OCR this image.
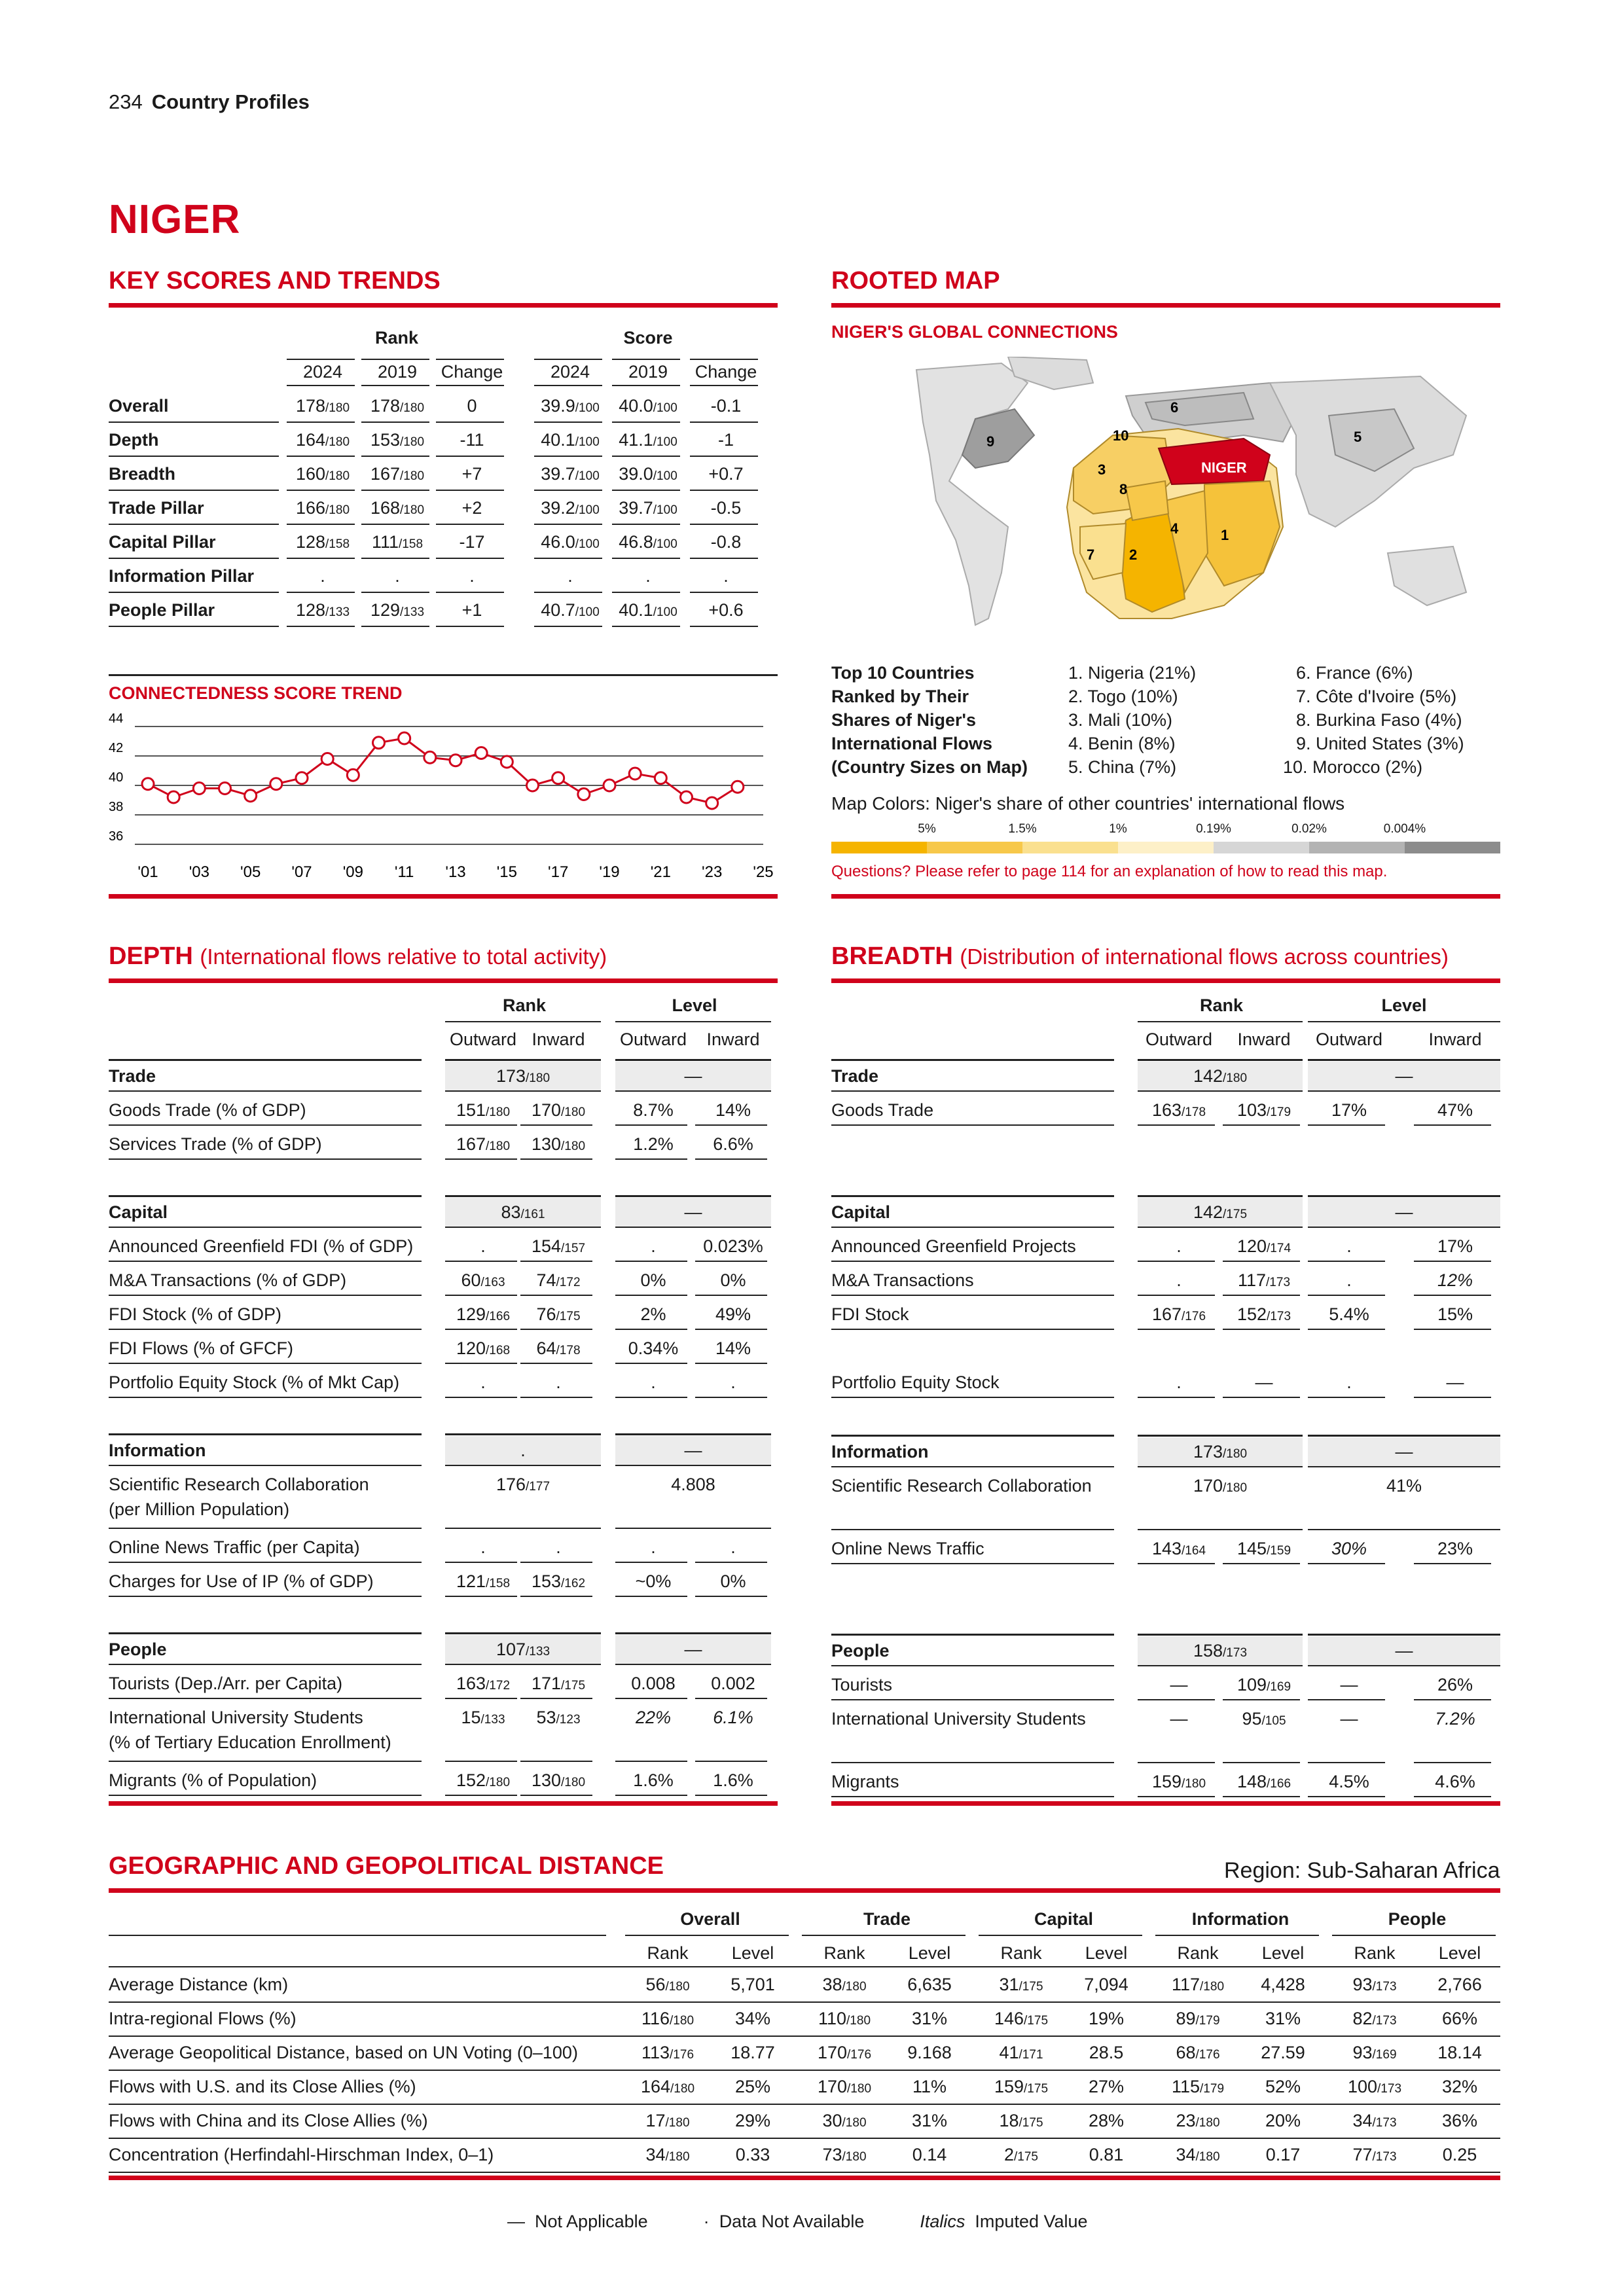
234 Country Profiles
NIGER
KEY SCORES AND TRENDS
CONNECTEDNESS SCORE TREND
44
42
40
38
36
'01 '03 '05 '07 '09 '11 '13 '15 '17 '19 '21 '23 '25
ROOTED MAP
NIGER'S GLOBAL CONNECTIONS
NIGER
1
2
3
4
5
6
7
8
9	10
Map Colors: Niger's share of other countries' international flows
Questions? Please refer to page 114 for an explanation of how to read this map.
DEPTH (International flows relative to total activity)	BREADTH (Distribution of international flows across countries)
GEOGRAPHIC AND GEOPOLITICAL DISTANCE	Region: Sub-Saharan Africa
— Not Applicable	· Data Not Available	Italics Imputed Value
Rank	Score
2024	2019	Change	2024	2019	Change
Overall	178/180	178/180	0	39.9/100	40.0/100	-0.1
Depth	164/180	153/180	-11	40.1/100	41.1/100	-1
Breadth	160/180	167/180	+7	39.7/100	39.0/100	+0.7
Trade Pillar	166/180	168/180	+2	39.2/100	39.7/100	-0.5
Capital Pillar	128/158	111/158	-17	46.0/100	46.8/100	-0.8
Information Pillar	.	.	.	.	.	.
People Pillar	128/133	129/133	+1	40.7/100	40.1/100	+0.6
Top 10 Countries
Ranked by Their
Shares of Niger's
International Flows
(Country Sizes on Map)
1. Nigeria (21%)
2. Togo (10%)
3. Mali (10%)
4. Benin (8%)
5. China (7%)
6. France (6%)
7. Côte d'Ivoire (5%)
8. Burkina Faso (4%)
9. United States (3%)
10. Morocco (2%)
5%	1.5%	1%	0.19%	0.02%	0.004%
Rank	Level
Outward Inward	Outward	Inward
Trade	173/180	—
Goods Trade (% of GDP)	151/180	170/180	8.7%	14%
Services Trade (% of GDP)	167/180	130/180	1.2%	6.6%
Capital	83/161	—
Announced Greenfield FDI (% of GDP)	.	154/157	.	0.023%
M&A Transactions (% of GDP)	60/163	74/172	0%	0%
FDI Stock (% of GDP)	129/166	76/175	2%	49%
FDI Flows (% of GFCF)	120/168	64/178	0.34%	14%
Portfolio Equity Stock (% of Mkt Cap)	.	.	.	.
Information	.	—
Scientific Research Collaboration
(per Million Population)
176/177	4.808
Online News Traffic (per Capita)	.	.	.	.
Charges for Use of IP (% of GDP)	121/158	153/162	~0%	0%
People	107/133	—
Tourists (Dep./Arr. per Capita)	163/172	171/175	0.008	0.002
International University Students
(% of Tertiary Education Enrollment)
15/133	53/123	22%	6.1%
Migrants (% of Population)	152/180	130/180	1.6%	1.6%
Rank	Level
Outward	Inward	Outward	Inward
Trade	142/180	—
Goods Trade	163/178	103/179	17%	47%
Capital	142/175	—
Announced Greenfield Projects	.	120/174	.	17%
M&A Transactions	.	117/173	.	12%
FDI Stock	167/176	152/173	5.4%	15%
Portfolio Equity Stock	.	—	.	—
Information	173/180	—
Scientific Research Collaboration	170/180	41%
Online News Traffic	143/164	145/159	30%	23%
People	158/173	—
Tourists	—	109/169	—	26%
International University Students	—	95/105	—	7.2%
Migrants	159/180	148/166	4.5%	4.6%
Overall
Rank	Level
Trade
Rank	Level
Capital
Rank	Level
Information
Rank	Level
People
Rank	Level
Average Distance (km)	56/180	5,701	38/180	6,635	31/175	7,094	117/180	4,428	93/173	2,766
Intra-regional Flows (%)	116/180	34%	110/180	31%	146/175	19%	89/179	31%	82/173	66%
Average Geopolitical Distance, based on UN Voting (0–100)	113/176	18.77	170/176	9.168	41/171	28.5	68/176	27.59	93/169	18.14
Flows with U.S. and its Close Allies (%)	164/180	25%	170/180	11%	159/175	27%	115/179	52%	100/173	32%
Flows with China and its Close Allies (%)	17/180	29%	30/180	31%	18/175	28%	23/180	20%	34/173	36%
Concentration (Herfindahl-Hirschman Index, 0–1)	34/180	0.33	73/180	0.14	2/175	0.81	34/180	0.17	77/173	0.25
